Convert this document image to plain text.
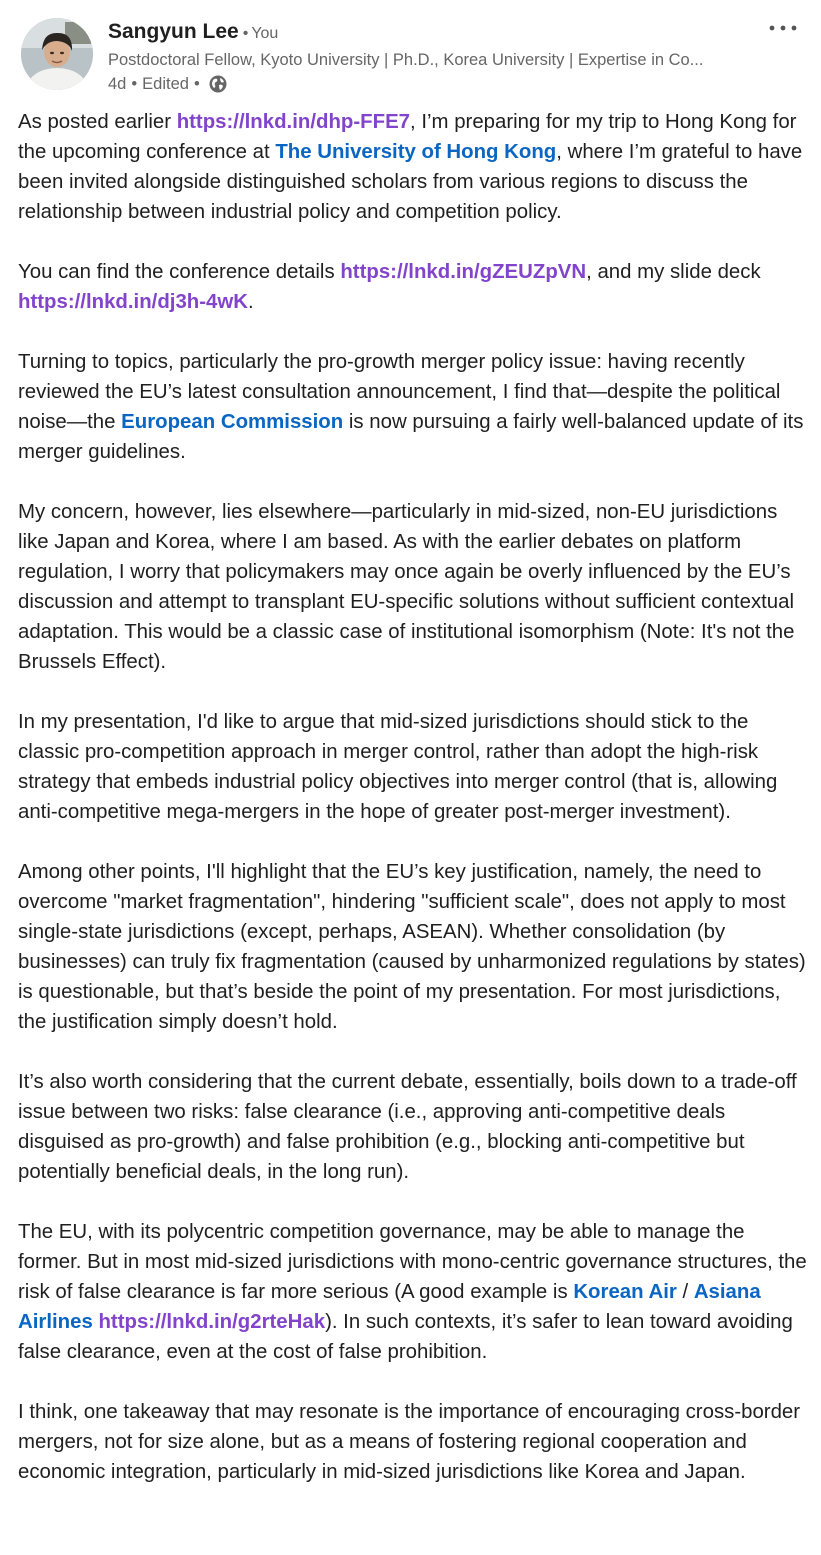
Sangyun Lee • You
Postdoctoral Fellow, Kyoto University | Ph.D., Korea University | Expertise in Co...
4d • Edited •

As posted earlier https://lnkd.in/dhp-FFE7, I’m preparing for my trip to Hong Kong for the upcoming conference at The University of Hong Kong, where I’m grateful to have been invited alongside distinguished scholars from various regions to discuss the relationship between industrial policy and competition policy.

You can find the conference details https://lnkd.in/gZEUZpVN, and my slide deck https://lnkd.in/dj3h-4wK.

Turning to topics, particularly the pro-growth merger policy issue: having recently reviewed the EU’s latest consultation announcement, I find that—despite the political noise—the European Commission is now pursuing a fairly well-balanced update of its merger guidelines.

My concern, however, lies elsewhere—particularly in mid-sized, non-EU jurisdictions like Japan and Korea, where I am based. As with the earlier debates on platform regulation, I worry that policymakers may once again be overly influenced by the EU’s discussion and attempt to transplant EU-specific solutions without sufficient contextual adaptation. This would be a classic case of institutional isomorphism (Note: It's not the Brussels Effect).

In my presentation, I'd like to argue that mid-sized jurisdictions should stick to the classic pro-competition approach in merger control, rather than adopt the high-risk strategy that embeds industrial policy objectives into merger control (that is, allowing anti-competitive mega-mergers in the hope of greater post-merger investment).

Among other points, I'll highlight that the EU’s key justification, namely, the need to overcome "market fragmentation", hindering "sufficient scale", does not apply to most single-state jurisdictions (except, perhaps, ASEAN). Whether consolidation (by businesses) can truly fix fragmentation (caused by unharmonized regulations by states) is questionable, but that’s beside the point of my presentation. For most jurisdictions, the justification simply doesn’t hold.

It’s also worth considering that the current debate, essentially, boils down to a trade-off issue between two risks: false clearance (i.e., approving anti-competitive deals disguised as pro-growth) and false prohibition (e.g., blocking anti-competitive but potentially beneficial deals, in the long run).

The EU, with its polycentric competition governance, may be able to manage the former. But in most mid-sized jurisdictions with mono-centric governance structures, the risk of false clearance is far more serious (A good example is Korean Air / Asiana Airlines https://lnkd.in/g2rteHak). In such contexts, it’s safer to lean toward avoiding false clearance, even at the cost of false prohibition.

I think, one takeaway that may resonate is the importance of encouraging cross-border mergers, not for size alone, but as a means of fostering regional cooperation and economic integration, particularly in mid-sized jurisdictions like Korea and Japan.
